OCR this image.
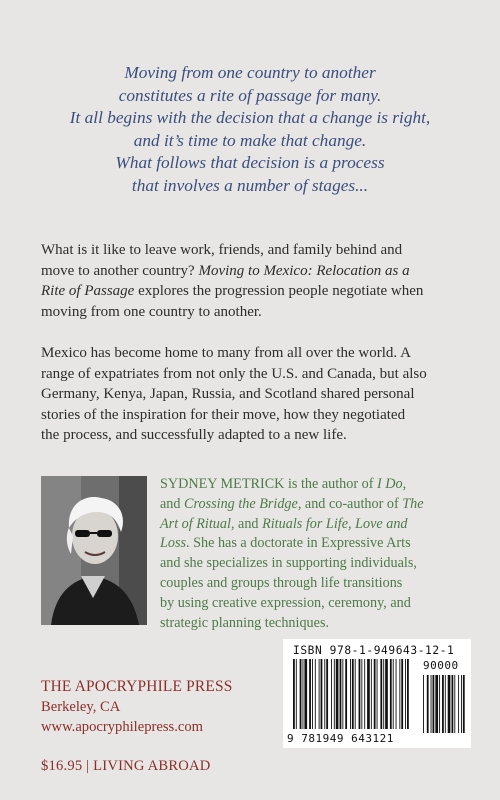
Moving from one country to another
constitutes a rite of passage for many.
It all begins with the decision that a change is right,
and it’s time to make that change.
What follows that decision is a process
that involves a number of stages...
What is it like to leave work, friends, and family behind and
move to another country? Moving to Mexico: Relocation as a
Rite of Passage explores the progression people negotiate when
moving from one country to another.
Mexico has become home to many from all over the world. A
range of expatriates from not only the U.S. and Canada, but also
Germany, Kenya, Japan, Russia, and Scotland shared personal
stories of the inspiration for their move, how they negotiated
the process, and successfully adapted to a new life.
SYDNEY METRICK is the author of I Do,
and Crossing the Bridge, and co-author of The
Art of Ritual, and Rituals for Life, Love and
Loss. She has a doctorate in Expressive Arts
and she specializes in supporting individuals,
couples and groups through life transitions
by using creative expression, ceremony, and
strategic planning techniques.
THE APOCRYPHILE PRESS
Berkeley, CA
www.apocryphilepress.com
$16.95 | LIVING ABROAD
ISBN 978-1-949643-12-1
90000
9 781949 643121
